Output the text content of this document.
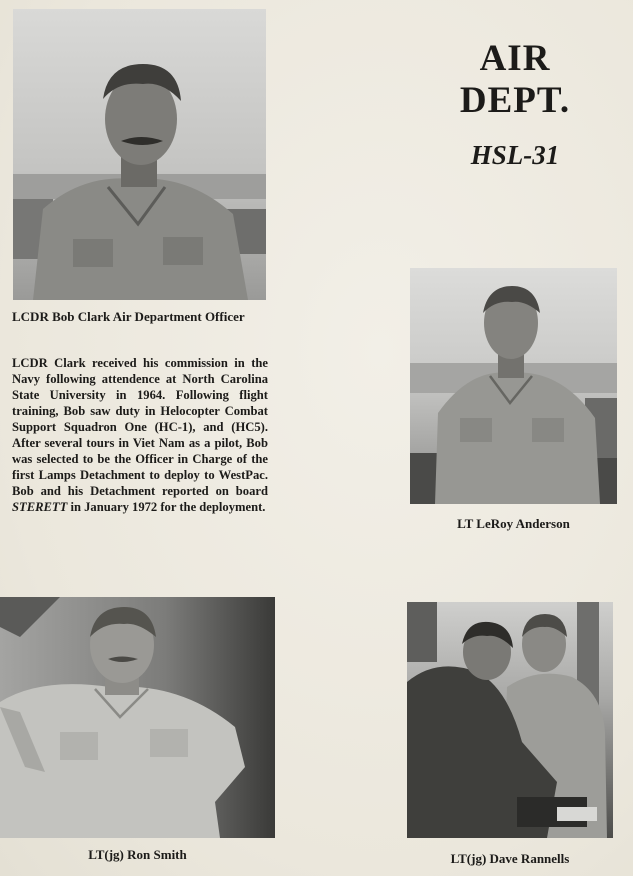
LCDR Bob Clark Air Department Officer
AIR
DEPT.
HSL-31

LCDR Clark received his commission in the Navy following attendence at North Carolina State University in 1964. Following flight training, Bob saw duty in Helocopter Combat Support Squadron One (HC-1), and (HC5). After several tours in Viet Nam as a pilot, Bob was selected to be the Officer in Charge of the first Lamps Detachment to deploy to WestPac. Bob and his Detachment reported on board STERETT in January 1972 for the deployment.

LT LeRoy Anderson
LT(jg) Ron Smith	LT(jg) Dave Rannells
